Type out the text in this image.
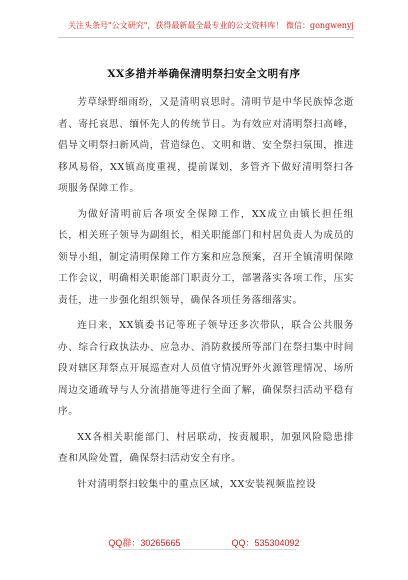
关注头条号"公文研究"，获得最新最全最专业的公文资料库！ 微信：gongwenyj
XX多措并举确保清明祭扫安全文明有序

芳草绿野细雨纷，又是清明哀思时。清明节是中华民族悼念逝者、寄托哀思、缅怀先人的传统节日。为有效应对清明祭扫高峰，倡导文明祭扫新风尚，营造绿色、文明和谐、安全祭扫氛围，推进移风易俗，XX镇高度重视，提前谋划，多管齐下做好清明祭扫各项服务保障工作。

为做好清明前后各项安全保障工作，XX成立由镇长担任组长，相关班子领导为副组长，相关职能部门和村居负责人为成员的领导小组，制定清明保障工作方案和应急预案，召开全镇清明保障工作会议，明确相关职能部门职责分工，部署落实各项工作，压实责任，进一步强化组织领导，确保各项任务落细落实。

连日来，XX镇委书记等班子领导还多次带队，联合公共服务办、综合行政执法办、应急办、消防救援所等部门在祭扫集中时间段对辖区拜祭点开展巡查对人员值守情况野外火源管理情况、场所周边交通疏导与人分流措施等进行全面了解，确保祭扫活动平稳有序。

XX各相关职能部门、村居联动，按责履职，加强风险隐患排查和风险处置，确保祭扫活动安全有序。

针对清明祭扫较集中的重点区域，XX安装视频监控设

QQ群：30265665	QQ：535304092
